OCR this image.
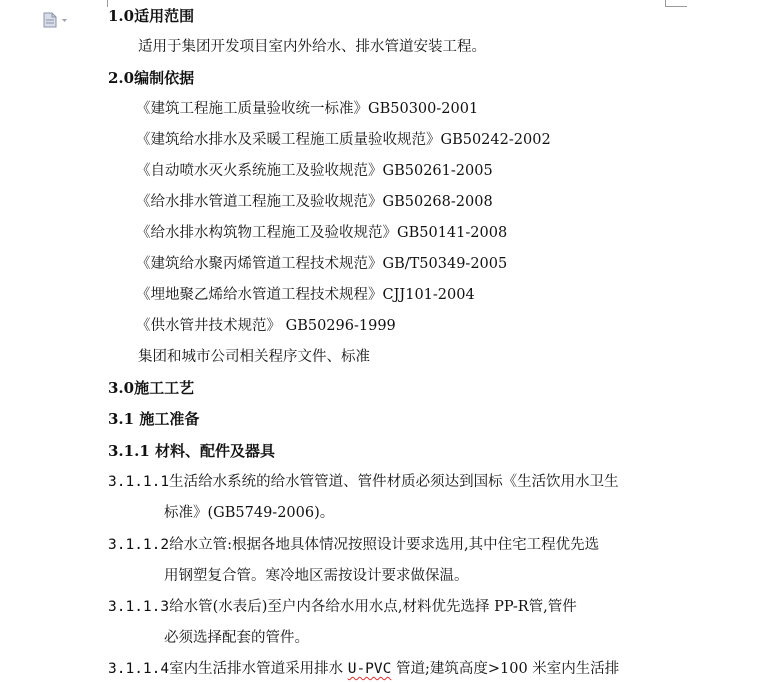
1.0适用范围
适用于集团开发项目室内外给水、排水管道安装工程。
2.0编制依据
《建筑工程施工质量验收统一标准》GB50300-2001
《建筑给水排水及采暖工程施工质量验收规范》GB50242-2002
《自动喷水灭火系统施工及验收规范》GB50261-2005
《给水排水管道工程施工及验收规范》GB50268-2008
《给水排水构筑物工程施工及验收规范》GB50141-2008
《建筑给水聚丙烯管道工程技术规范》GB/T50349-2005
《埋地聚乙烯给水管道工程技术规程》CJJ101-2004
《供水管井技术规范》 GB50296-1999
集团和城市公司相关程序文件、标准
3.0施工工艺
3.1 施工准备
3.1.1 材料、配件及器具
3.1.1.1生活给水系统的给水管管道、管件材质必须达到国标《生活饮用水卫生
标准》(GB5749-2006)。
3.1.1.2给水立管:根据各地具体情况按照设计要求选用,其中住宅工程优先选
用钢塑复合管。寒冷地区需按设计要求做保温。
3.1.1.3给水管(水表后)至户内各给水用水点,材料优先选择 PP-R管,管件
必须选择配套的管件。
3.1.1.4室内生活排水管道采用排水 U-PVC 管道;建筑高度>100 米室内生活排
